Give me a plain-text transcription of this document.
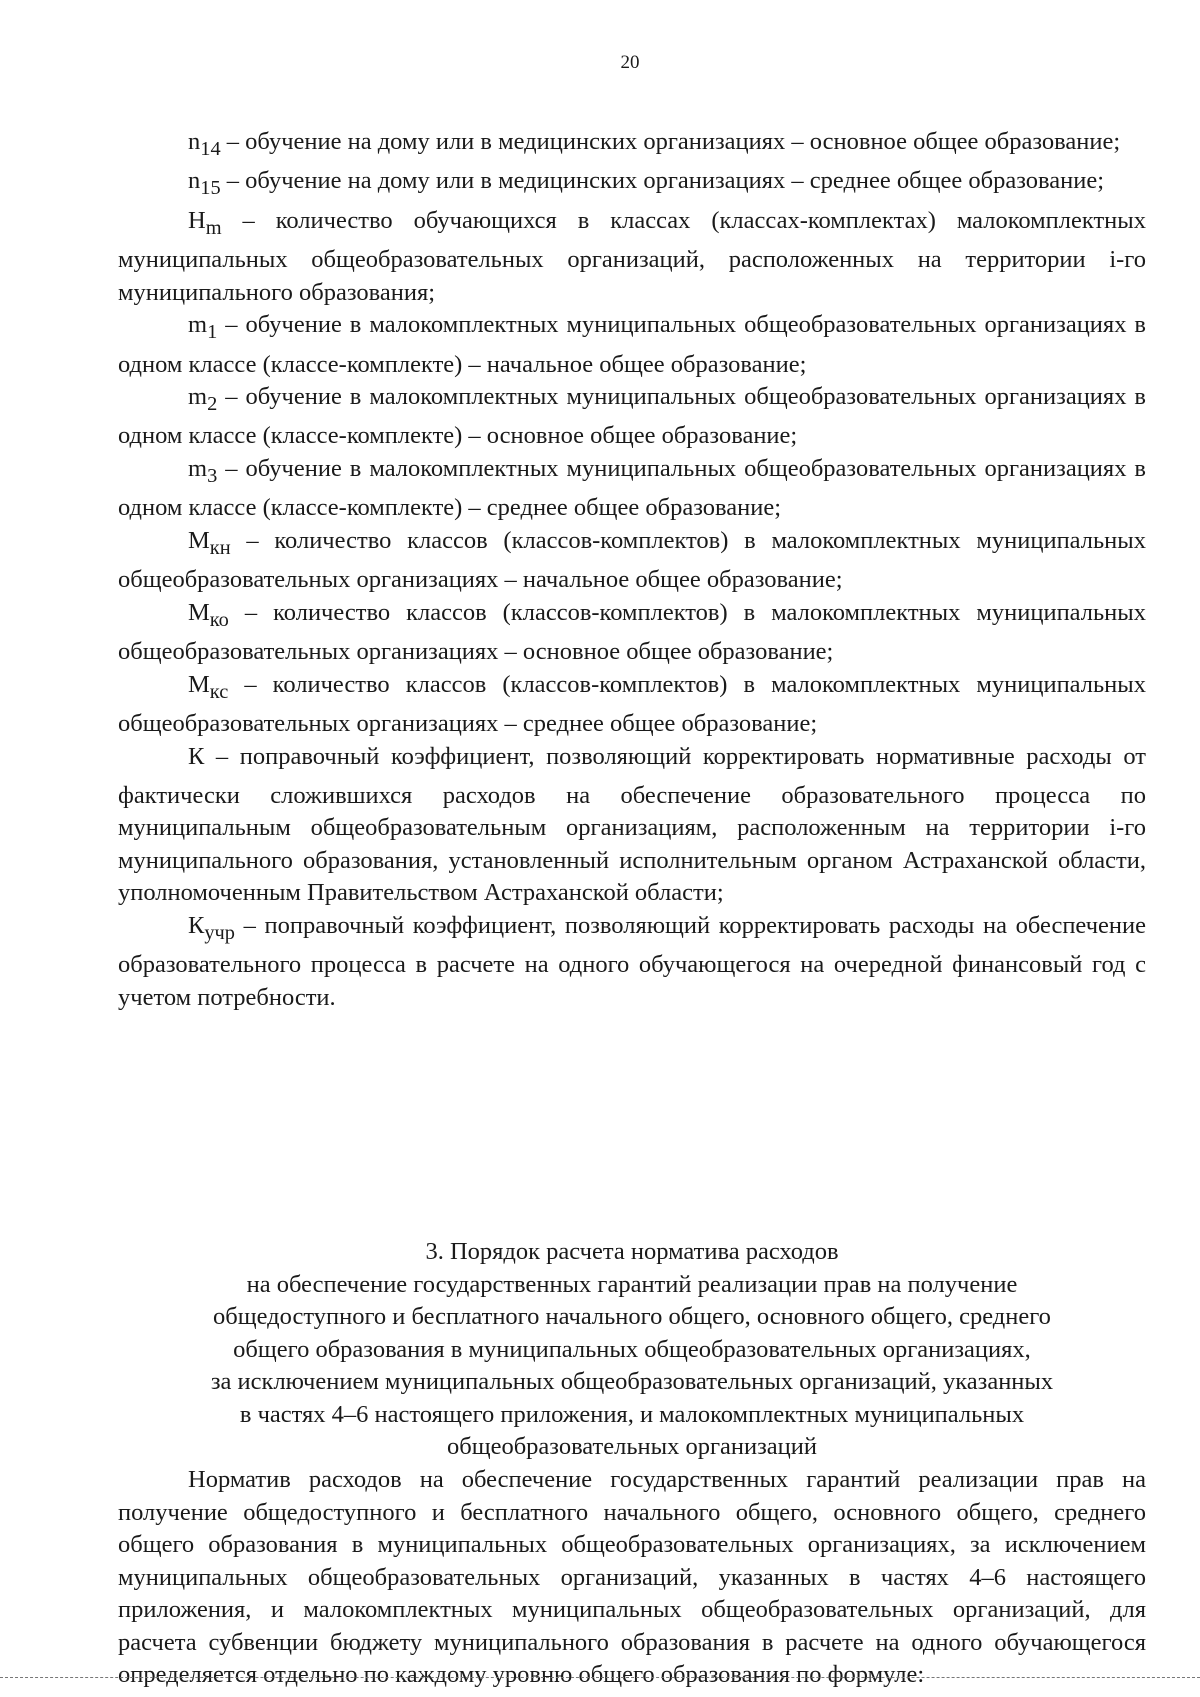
20

$n_{14}$ – обучение на дому или в медицинских организациях – основное общее образование;

$n_{15}$ – обучение на дому или в медицинских организациях – среднее общее образование;

$Н_m$ – количество обучающихся в классах (классах-комплектах) малокомплектных муниципальных общеобразовательных организаций, расположенных на территории i-го муниципального образования;

$m_1$ – обучение в малокомплектных муниципальных общеобразовательных организациях в одном классе (классе-комплекте) – начальное общее образование;

$m_2$ – обучение в малокомплектных муниципальных общеобразовательных организациях в одном классе (классе-комплекте) – основное общее образование;

$m_3$ – обучение в малокомплектных муниципальных общеобразовательных организациях в одном классе (классе-комплекте) – среднее общее образование;

$М_{кн}$ – количество классов (классов-комплектов) в малокомплектных муниципальных общеобразовательных организациях – начальное общее образование;

$М_{ко}$ – количество классов (классов-комплектов) в малокомплектных муниципальных общеобразовательных организациях – основное общее образование;

$М_{кс}$ – количество классов (классов-комплектов) в малокомплектных муниципальных общеобразовательных организациях – среднее общее образование;

К – поправочный коэффициент, позволяющий корректировать нормативные расходы от фактически сложившихся расходов на обеспечение образовательного процесса по муниципальным общеобразовательным организациям, расположенным на территории i-го муниципального образования, установленный исполнительным органом Астраханской области, уполномоченным Правительством Астраханской области;

$К_{учр}$ – поправочный коэффициент, позволяющий корректировать расходы на обеспечение образовательного процесса в расчете на одного обучающегося на очередной финансовый год с учетом потребности.

3. Порядок расчета норматива расходов
на обеспечение государственных гарантий реализации прав на получение
общедоступного и бесплатного начального общего, основного общего, среднего
общего образования в муниципальных общеобразовательных организациях,
за исключением муниципальных общеобразовательных организаций, указанных
в частях 4–6 настоящего приложения, и малокомплектных муниципальных
общеобразовательных организаций

Норматив расходов на обеспечение государственных гарантий реализации прав на получение общедоступного и бесплатного начального общего, основного общего, среднего общего образования в муниципальных общеобразовательных организациях, за исключением муниципальных общеобразовательных организаций, указанных в частях 4–6 настоящего приложения, и малокомплектных муниципальных общеобразовательных организаций, для расчета субвенции бюджету муниципального образования в расчете на одного обучающегося определяется отдельно по каждому уровню общего образования по формуле:
